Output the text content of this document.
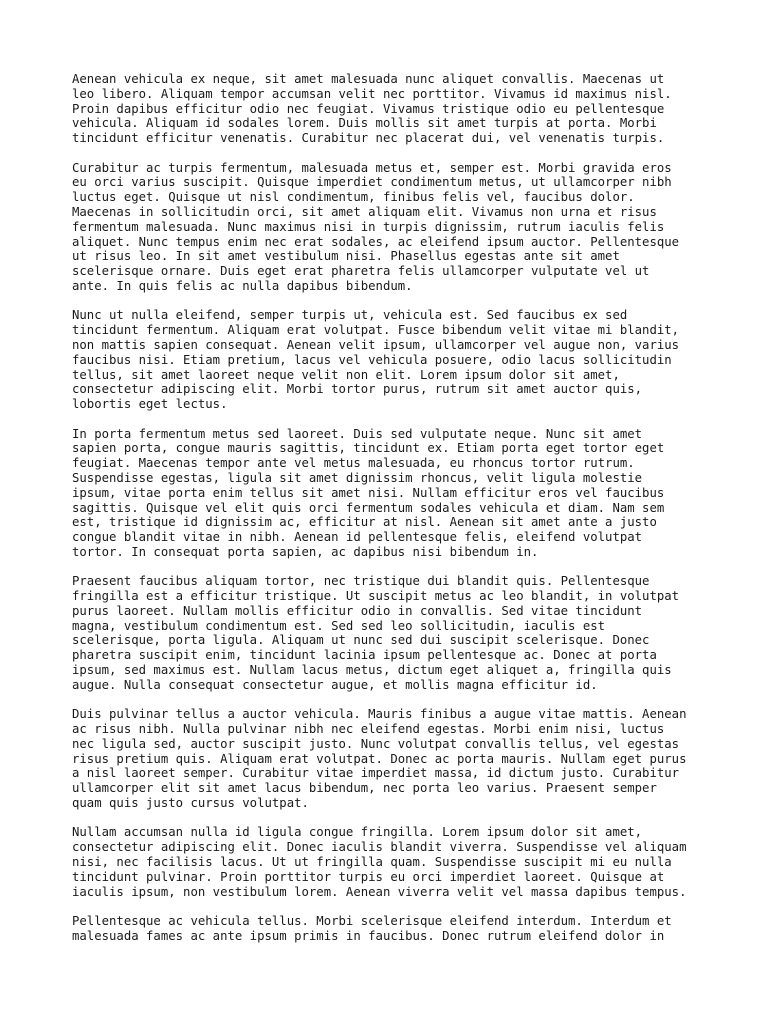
Aenean vehicula ex neque, sit amet malesuada nunc aliquet convallis. Maecenas ut
leo libero. Aliquam tempor accumsan velit nec porttitor. Vivamus id maximus nisl.
Proin dapibus efficitur odio nec feugiat. Vivamus tristique odio eu pellentesque
vehicula. Aliquam id sodales lorem. Duis mollis sit amet turpis at porta. Morbi
tincidunt efficitur venenatis. Curabitur nec placerat dui, vel venenatis turpis.

Curabitur ac turpis fermentum, malesuada metus et, semper est. Morbi gravida eros
eu orci varius suscipit. Quisque imperdiet condimentum metus, ut ullamcorper nibh
luctus eget. Quisque ut nisl condimentum, finibus felis vel, faucibus dolor.
Maecenas in sollicitudin orci, sit amet aliquam elit. Vivamus non urna et risus
fermentum malesuada. Nunc maximus nisi in turpis dignissim, rutrum iaculis felis
aliquet. Nunc tempus enim nec erat sodales, ac eleifend ipsum auctor. Pellentesque
ut risus leo. In sit amet vestibulum nisi. Phasellus egestas ante sit amet
scelerisque ornare. Duis eget erat pharetra felis ullamcorper vulputate vel ut
ante. In quis felis ac nulla dapibus bibendum.

Nunc ut nulla eleifend, semper turpis ut, vehicula est. Sed faucibus ex sed
tincidunt fermentum. Aliquam erat volutpat. Fusce bibendum velit vitae mi blandit,
non mattis sapien consequat. Aenean velit ipsum, ullamcorper vel augue non, varius
faucibus nisi. Etiam pretium, lacus vel vehicula posuere, odio lacus sollicitudin
tellus, sit amet laoreet neque velit non elit. Lorem ipsum dolor sit amet,
consectetur adipiscing elit. Morbi tortor purus, rutrum sit amet auctor quis,
lobortis eget lectus.

In porta fermentum metus sed laoreet. Duis sed vulputate neque. Nunc sit amet
sapien porta, congue mauris sagittis, tincidunt ex. Etiam porta eget tortor eget
feugiat. Maecenas tempor ante vel metus malesuada, eu rhoncus tortor rutrum.
Suspendisse egestas, ligula sit amet dignissim rhoncus, velit ligula molestie
ipsum, vitae porta enim tellus sit amet nisi. Nullam efficitur eros vel faucibus
sagittis. Quisque vel elit quis orci fermentum sodales vehicula et diam. Nam sem
est, tristique id dignissim ac, efficitur at nisl. Aenean sit amet ante a justo
congue blandit vitae in nibh. Aenean id pellentesque felis, eleifend volutpat
tortor. In consequat porta sapien, ac dapibus nisi bibendum in.

Praesent faucibus aliquam tortor, nec tristique dui blandit quis. Pellentesque
fringilla est a efficitur tristique. Ut suscipit metus ac leo blandit, in volutpat
purus laoreet. Nullam mollis efficitur odio in convallis. Sed vitae tincidunt
magna, vestibulum condimentum est. Sed sed leo sollicitudin, iaculis est
scelerisque, porta ligula. Aliquam ut nunc sed dui suscipit scelerisque. Donec
pharetra suscipit enim, tincidunt lacinia ipsum pellentesque ac. Donec at porta
ipsum, sed maximus est. Nullam lacus metus, dictum eget aliquet a, fringilla quis
augue. Nulla consequat consectetur augue, et mollis magna efficitur id.

Duis pulvinar tellus a auctor vehicula. Mauris finibus a augue vitae mattis. Aenean
ac risus nibh. Nulla pulvinar nibh nec eleifend egestas. Morbi enim nisi, luctus
nec ligula sed, auctor suscipit justo. Nunc volutpat convallis tellus, vel egestas
risus pretium quis. Aliquam erat volutpat. Donec ac porta mauris. Nullam eget purus
a nisl laoreet semper. Curabitur vitae imperdiet massa, id dictum justo. Curabitur
ullamcorper elit sit amet lacus bibendum, nec porta leo varius. Praesent semper
quam quis justo cursus volutpat.

Nullam accumsan nulla id ligula congue fringilla. Lorem ipsum dolor sit amet,
consectetur adipiscing elit. Donec iaculis blandit viverra. Suspendisse vel aliquam
nisi, nec facilisis lacus. Ut ut fringilla quam. Suspendisse suscipit mi eu nulla
tincidunt pulvinar. Proin porttitor turpis eu orci imperdiet laoreet. Quisque at
iaculis ipsum, non vestibulum lorem. Aenean viverra velit vel massa dapibus tempus.

Pellentesque ac vehicula tellus. Morbi scelerisque eleifend interdum. Interdum et
malesuada fames ac ante ipsum primis in faucibus. Donec rutrum eleifend dolor in
